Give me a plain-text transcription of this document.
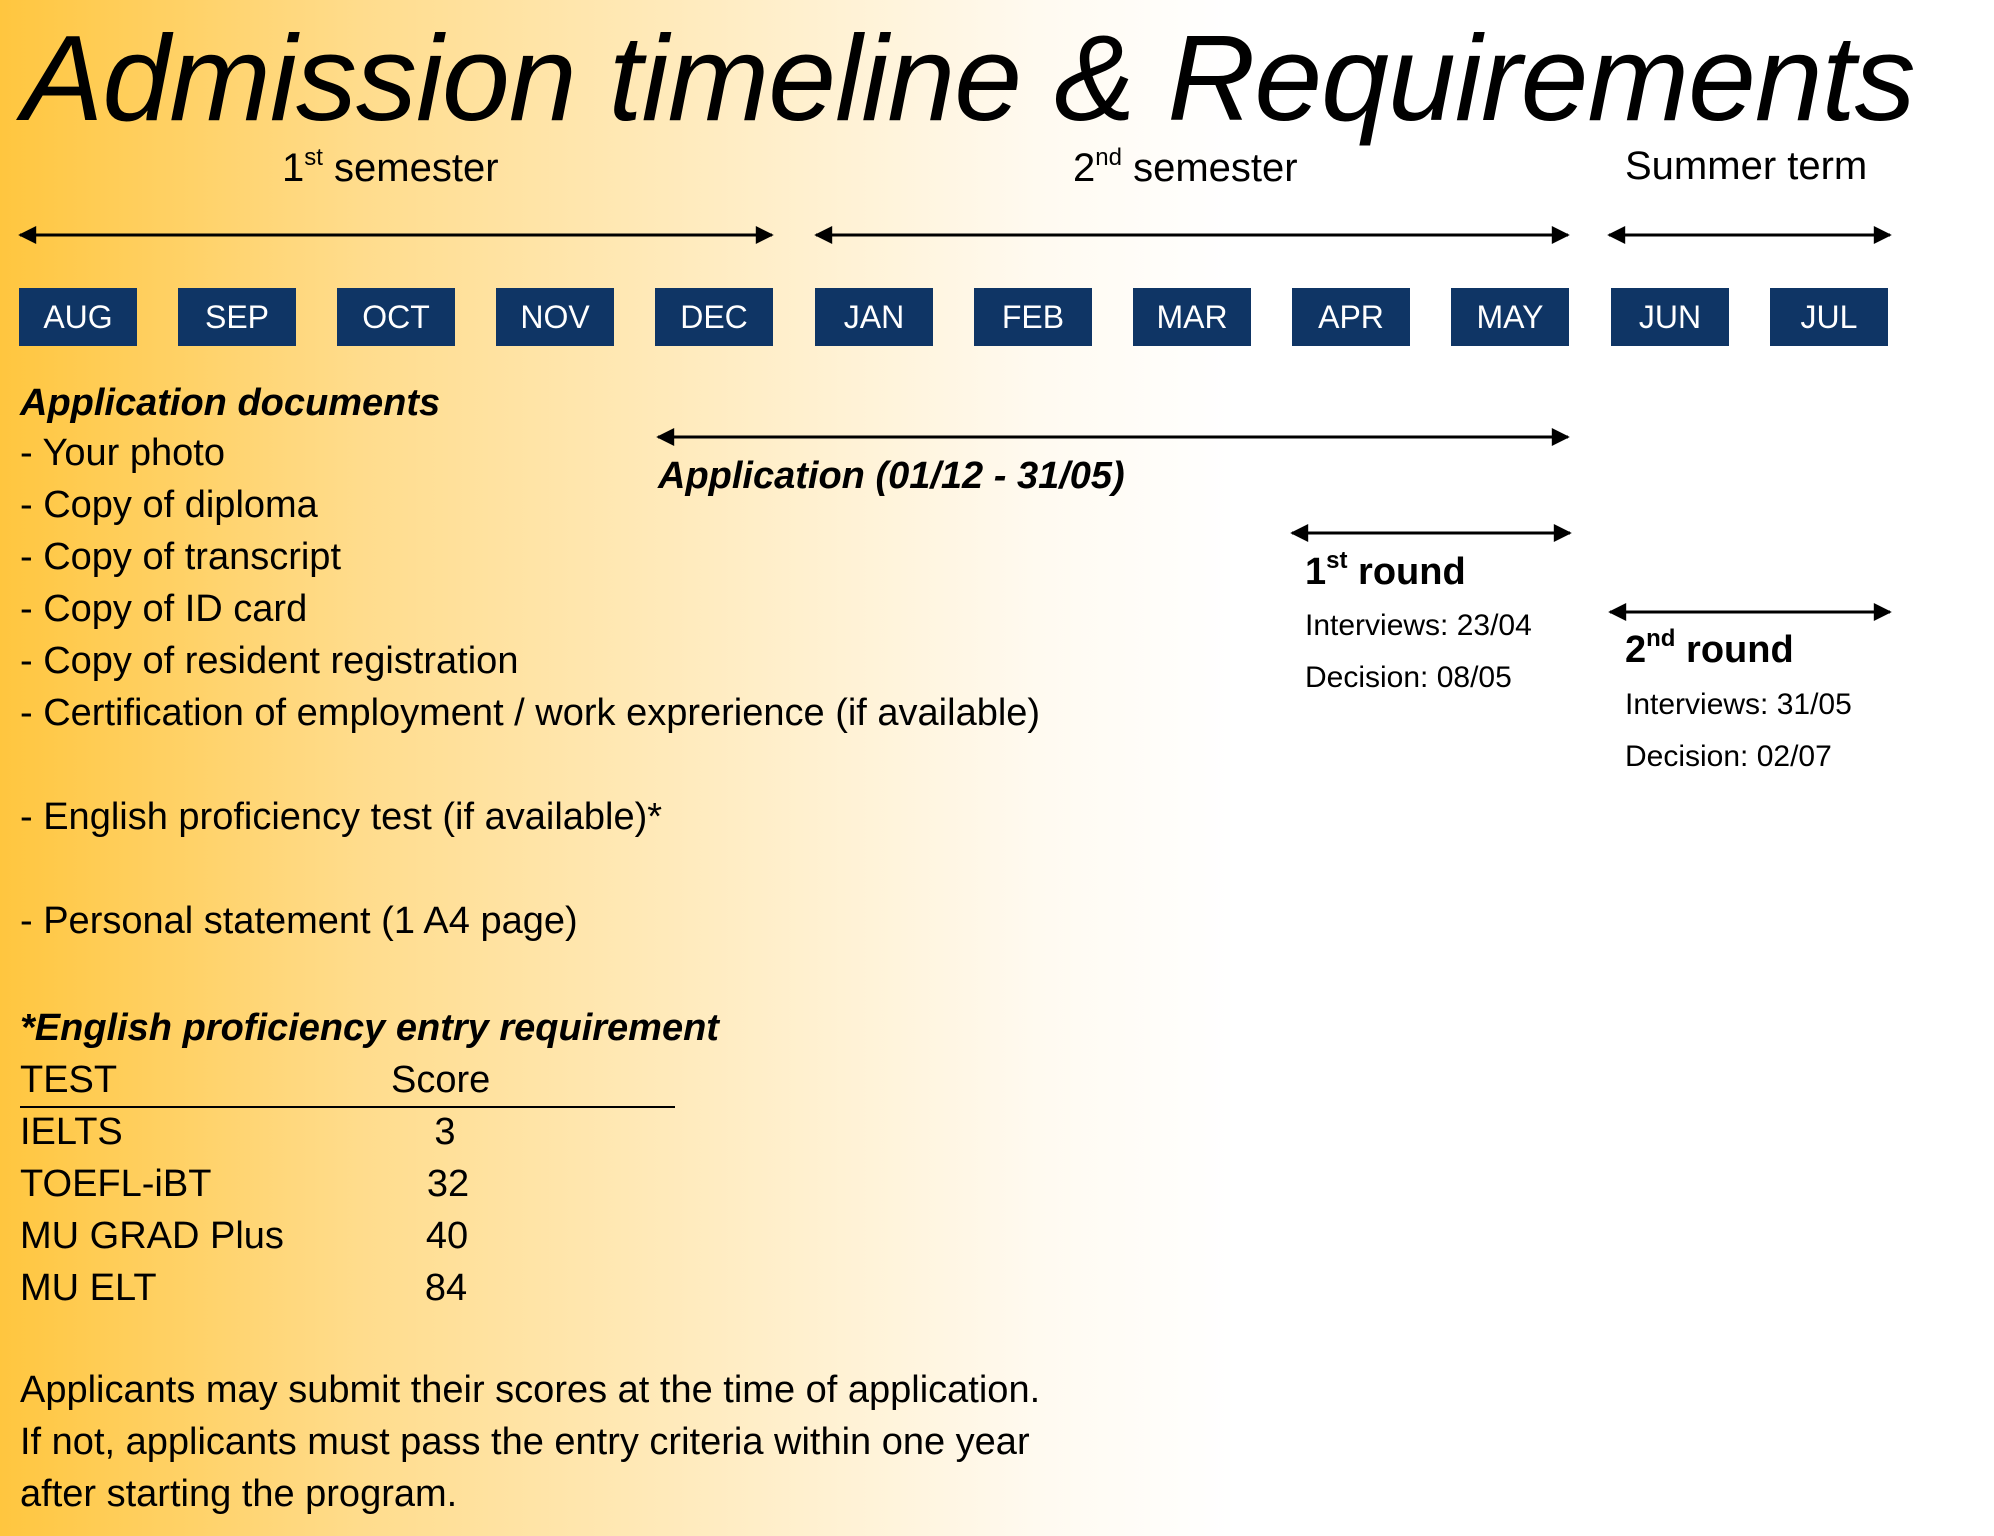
Admission timeline & Requirements
1st semester	2nd semester	Summer term
AUG	SEP	OCT	NOV	DEC	JAN	FEB	MAR	APR	MAY	JUN	JUL
Application (01/12 - 31/05)
1st round
Interviews: 23/04
Decision: 08/05
2nd round
Interviews: 31/05
Decision: 02/07
Application documents
- Your photo
- Copy of diploma
- Copy of transcript
- Copy of ID card
- Copy of resident registration
- Certification of employment / work exprerience (if available)
- English proficiency test (if available)*
- Personal statement (1 A4 page)
*English proficiency entry requirement
TEST	Score
IELTS	3
TOEFL-iBT	32
MU GRAD Plus	40
MU ELT	84
Applicants may submit their scores at the time of application.
If not, applicants must pass the entry criteria within one year
after starting the program.
